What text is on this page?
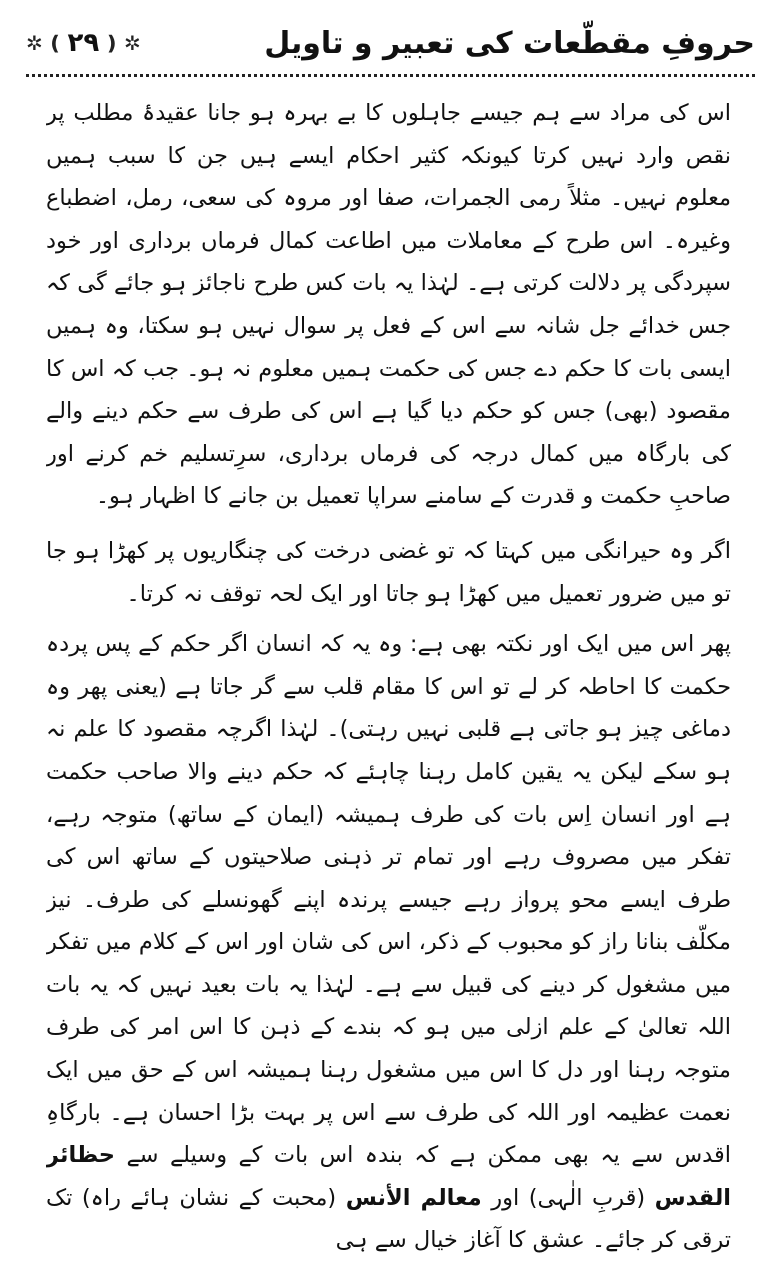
✲ ❪ ۲۹ ❫ ✲	حروفِ مقطّعات کی تعبیر و تاویل

اس کی مراد سے ہم جیسے جاہلوں کا بے بہرہ ہو جانا عقیدۂ مطلب پر نقص وارد نہیں کرتا کیونکہ کثیر احکام ایسے ہیں جن کا سبب ہمیں معلوم نہیں۔ مثلاً رمی الجمرات، صفا اور مروہ کی سعی، رمل، اضطباع وغیرہ۔ اس طرح کے معاملات میں اطاعت کمال فرماں برداری اور خود سپردگی پر دلالت کرتی ہے۔ لہٰذا یہ بات کس طرح ناجائز ہو جائے گی کہ جس خدائے جل شانہ سے اس کے فعل پر سوال نہیں ہو سکتا، وہ ہمیں ایسی بات کا حکم دے جس کی حکمت ہمیں معلوم نہ ہو۔ جب کہ اس کا مقصود (بھی) جس کو حکم دیا گیا ہے اس کی طرف سے حکم دینے والے کی بارگاہ میں کمال درجہ کی فرماں برداری، سرِتسلیم خم کرنے اور صاحبِ حکمت و قدرت کے سامنے سراپا تعمیل بن جانے کا اظہار ہو۔

اگر وہ حیرانگی میں کہتا کہ تو غضی درخت کی چنگاریوں پر کھڑا ہو جا تو میں ضرور تعمیل میں کھڑا ہو جاتا اور ایک لحہ توقف نہ کرتا۔

پھر اس میں ایک اور نکتہ بھی ہے: وہ یہ کہ انسان اگر حکم کے پس پردہ حکمت کا احاطہ کر لے تو اس کا مقام قلب سے گر جاتا ہے (یعنی پھر وہ دماغی چیز ہو جاتی ہے قلبی نہیں رہتی)۔ لہٰذا اگرچہ مقصود کا علم نہ ہو سکے لیکن یہ یقین کامل رہنا چاہئے کہ حکم دینے والا صاحب حکمت ہے اور انسان اِس بات کی طرف ہمیشہ (ایمان کے ساتھ) متوجہ رہے، تفکر میں مصروف رہے اور تمام تر ذہنی صلاحیتوں کے ساتھ اس کی طرف ایسے محو پرواز رہے جیسے پرندہ اپنے گھونسلے کی طرف۔ نیز مکلّف بنانا راز کو محبوب کے ذکر، اس کی شان اور اس کے کلام میں تفکر میں مشغول کر دینے کی قبیل سے ہے۔ لہٰذا یہ بات بعید نہیں کہ یہ بات اللہ تعالیٰ کے علم ازلی میں ہو کہ بندے کے ذہن کا اس امر کی طرف متوجہ رہنا اور دل کا اس میں مشغول رہنا ہمیشہ اس کے حق میں ایک نعمت عظیمہ اور اللہ کی طرف سے اس پر بہت بڑا احسان ہے۔ بارگاہِ اقدس سے یہ بھی ممکن ہے کہ بندہ اس بات کے وسیلے سے حظائر القدس (قربِ الٰہی) اور معالم الأنس (محبت کے نشان ہائے راہ) تک ترقی کر جائے۔ عشق کا آغاز خیال سے ہی
